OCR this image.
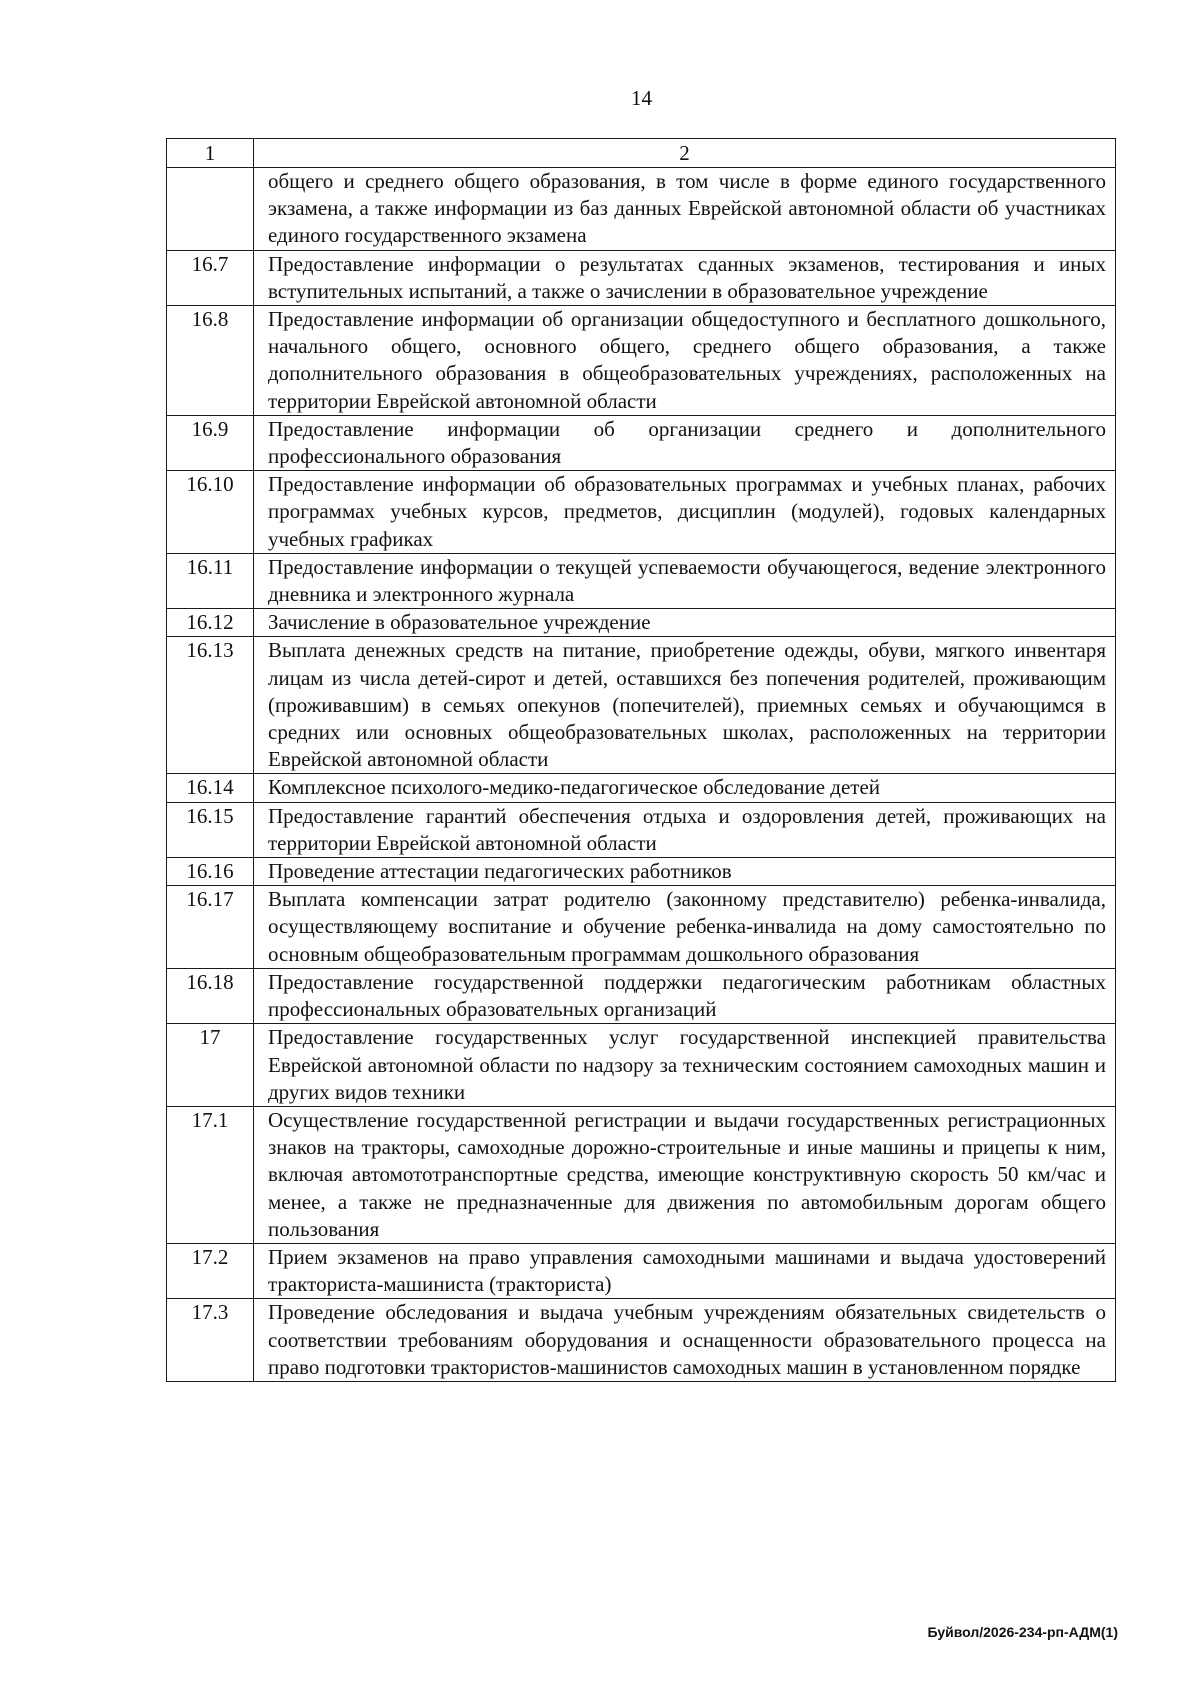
14
1	2
	общего и среднего общего образования, в том числе в форме единого государственного экзамена, а также информации из баз данных Еврейской автономной области об участниках единого государственного экзамена
16.7	Предоставление информации о результатах сданных экзаменов, тестирования и иных вступительных испытаний, а также о зачислении в образовательное учреждение
16.8	Предоставление информации об организации общедоступного и бесплатного дошкольного, начального общего, основного общего, среднего общего образования, а также дополнительного образования в общеобразовательных учреждениях, расположенных на территории Еврейской автономной области
16.9	Предоставление информации об организации среднего и дополнительного профессионального образования
16.10	Предоставление информации об образовательных программах и учебных планах, рабочих программах учебных курсов, предметов, дисциплин (модулей), годовых календарных учебных графиках
16.11	Предоставление информации о текущей успеваемости обучающегося, ведение электронного дневника и электронного журнала
16.12	Зачисление в образовательное учреждение
16.13	Выплата денежных средств на питание, приобретение одежды, обуви, мягкого инвентаря лицам из числа детей-сирот и детей, оставшихся без попечения родителей, проживающим (проживавшим) в семьях опекунов (попечителей), приемных семьях и обучающимся в средних или основных общеобразовательных школах, расположенных на территории Еврейской автономной области
16.14	Комплексное психолого-медико-педагогическое обследование детей
16.15	Предоставление гарантий обеспечения отдыха и оздоровления детей, проживающих на территории Еврейской автономной области
16.16	Проведение аттестации педагогических работников
16.17	Выплата компенсации затрат родителю (законному представителю) ребенка-инвалида, осуществляющему воспитание и обучение ребенка-инвалида на дому самостоятельно по основным общеобразовательным программам дошкольного образования
16.18	Предоставление государственной поддержки педагогическим работникам областных профессиональных образовательных организаций
17	Предоставление государственных услуг государственной инспекцией правительства Еврейской автономной области по надзору за техническим состоянием самоходных машин и других видов техники
17.1	Осуществление государственной регистрации и выдачи государственных регистрационных знаков на тракторы, самоходные дорожно-строительные и иные машины и прицепы к ним, включая автомототранспортные средства, имеющие конструктивную скорость 50 км/час и менее, а также не предназначенные для движения по автомобильным дорогам общего пользования
17.2	Прием экзаменов на право управления самоходными машинами и выдача удостоверений тракториста-машиниста (тракториста)
17.3	Проведение обследования и выдача учебным учреждениям обязательных свидетельств о соответствии требованиям оборудования и оснащенности образовательного процесса на право подготовки трактористов-машинистов самоходных машин в установленном порядке
Буйвол/2026-234-рп-АДМ(1)
